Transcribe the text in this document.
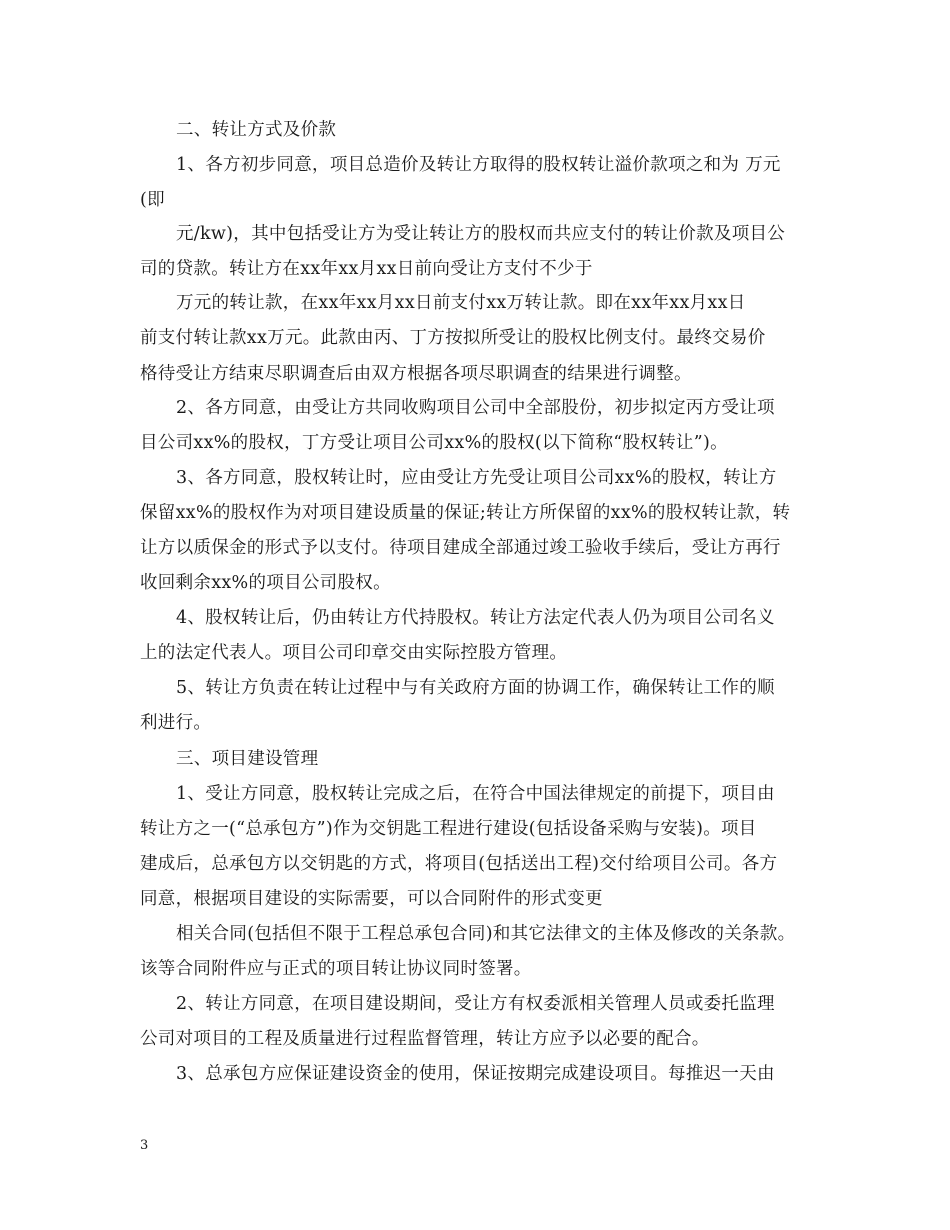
二、转让方式及价款
1、各方初步同意，项目总造价及转让方取得的股权转让溢价款项之和为 万元
(即
元/kw)，其中包括受让方为受让转让方的股权而共应支付的转让价款及项目公
司的贷款。转让方在xx年xx月xx日前向受让方支付不少于
万元的转让款，在xx年xx月xx日前支付xx万转让款。即在xx年xx月xx日
前支付转让款xx万元。此款由丙、丁方按拟所受让的股权比例支付。最终交易价
格待受让方结束尽职调查后由双方根据各项尽职调查的结果进行调整。
2、各方同意，由受让方共同收购项目公司中全部股份，初步拟定丙方受让项
目公司xx%的股权，丁方受让项目公司xx%的股权(以下简称“股权转让”)。
3、各方同意，股权转让时，应由受让方先受让项目公司xx%的股权，转让方
保留xx%的股权作为对项目建设质量的保证;转让方所保留的xx%的股权转让款，转
让方以质保金的形式予以支付。待项目建成全部通过竣工验收手续后，受让方再行
收回剩余xx%的项目公司股权。
4、股权转让后，仍由转让方代持股权。转让方法定代表人仍为项目公司名义
上的法定代表人。项目公司印章交由实际控股方管理。
5、转让方负责在转让过程中与有关政府方面的协调工作，确保转让工作的顺
利进行。
三、项目建设管理
1、受让方同意，股权转让完成之后，在符合中国法律规定的前提下，项目由
转让方之一(“总承包方”)作为交钥匙工程进行建设(包括设备采购与安装)。项目
建成后，总承包方以交钥匙的方式，将项目(包括送出工程)交付给项目公司。各方
同意，根据项目建设的实际需要，可以合同附件的形式变更
相关合同(包括但不限于工程总承包合同)和其它法律文的主体及修改的关条款。
该等合同附件应与正式的项目转让协议同时签署。
2、转让方同意，在项目建设期间，受让方有权委派相关管理人员或委托监理
公司对项目的工程及质量进行过程监督管理，转让方应予以必要的配合。
3、总承包方应保证建设资金的使用，保证按期完成建设项目。每推迟一天由
3
